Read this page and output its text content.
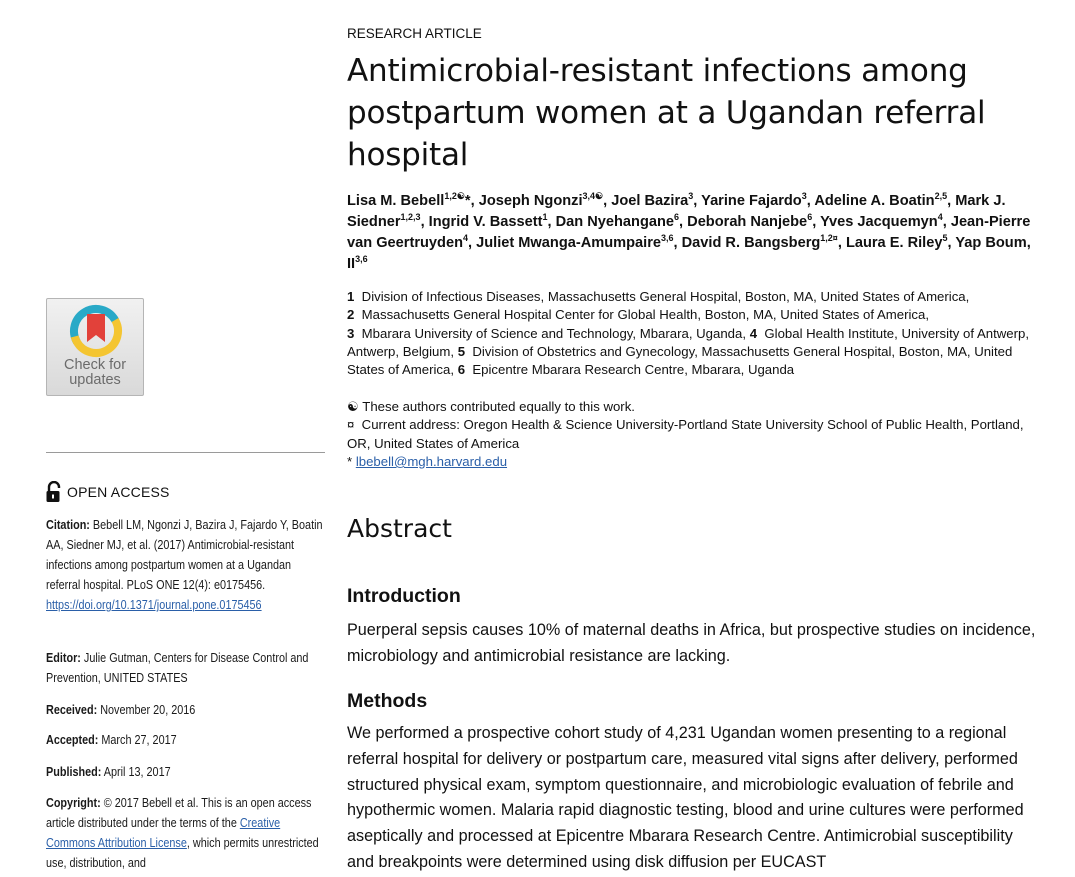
Check for
updates
OPEN ACCESS
Citation: Bebell LM, Ngonzi J, Bazira J, Fajardo Y, Boatin AA, Siedner MJ, et al. (2017) Antimicrobial-resistant infections among postpartum women at a Ugandan referral hospital. PLoS ONE 12(4): e0175456. https://doi.org/10.1371/journal.pone.0175456
Editor: Julie Gutman, Centers for Disease Control and Prevention, UNITED STATES
Received: November 20, 2016
Accepted: March 27, 2017
Published: April 13, 2017
Copyright: © 2017 Bebell et al. This is an open access article distributed under the terms of the Creative Commons Attribution License, which permits unrestricted use, distribution, and
RESEARCH ARTICLE
Antimicrobial-resistant infections among postpartum women at a Ugandan referral hospital
Lisa M. Bebell$^{1,2☯}$*, Joseph Ngonzi$^{3,4☯}$, Joel Bazira$^3$, Yarine Fajardo$^3$, Adeline A. Boatin$^{2,5}$, Mark J. Siedner$^{1,2,3}$, Ingrid V. Bassett$^1$, Dan Nyehangane$^6$, Deborah Nanjebe$^6$, Yves Jacquemyn$^4$, Jean-Pierre van Geertruyden$^4$, Juliet Mwanga-Amumpaire$^{3,6}$, David R. Bangsberg$^{1,2¤}$, Laura E. Riley$^5$, Yap Boum, II$^{3,6}$
1 Division of Infectious Diseases, Massachusetts General Hospital, Boston, MA, United States of America,
2 Massachusetts General Hospital Center for Global Health, Boston, MA, United States of America,
3 Mbarara University of Science and Technology, Mbarara, Uganda, 4 Global Health Institute, University of Antwerp, Antwerp, Belgium, 5 Division of Obstetrics and Gynecology, Massachusetts General Hospital, Boston, MA, United States of America, 6 Epicentre Mbarara Research Centre, Mbarara, Uganda
☯ These authors contributed equally to this work.
¤ Current address: Oregon Health & Science University-Portland State University School of Public Health, Portland, OR, United States of America
* lbebell@mgh.harvard.edu
Abstract
Introduction

Puerperal sepsis causes 10% of maternal deaths in Africa, but prospective studies on incidence, microbiology and antimicrobial resistance are lacking.

Methods

We performed a prospective cohort study of 4,231 Ugandan women presenting to a regional referral hospital for delivery or postpartum care, measured vital signs after delivery, performed structured physical exam, symptom questionnaire, and microbiologic evaluation of febrile and hypothermic women. Malaria rapid diagnostic testing, blood and urine cultures were performed aseptically and processed at Epicentre Mbarara Research Centre. Antimicrobial susceptibility and breakpoints were determined using disk diffusion per EUCAST
